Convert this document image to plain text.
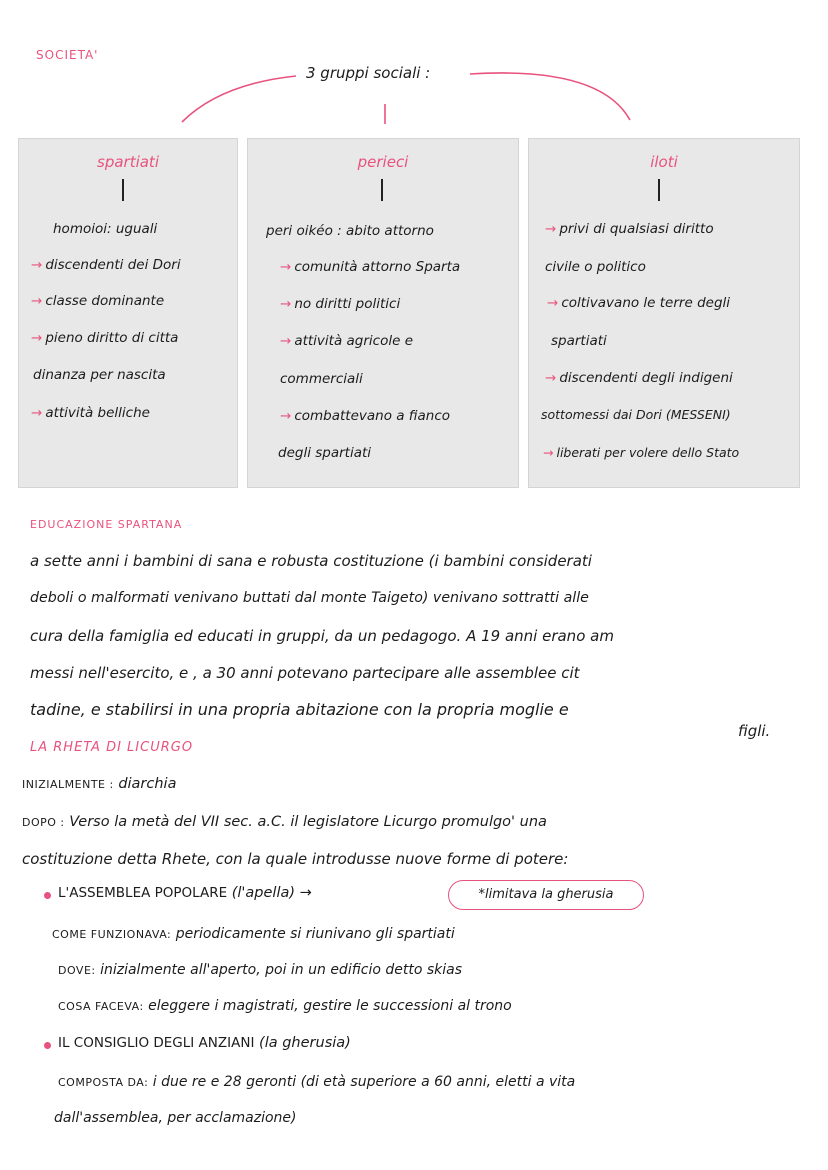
SOCIETA'
3 gruppi sociali :
spartiati
homoioi: uguali
→ discendenti dei Dori
→ classe dominante
→ pieno diritto di citta
dinanza per nascita
→ attività belliche
perieci
peri oikéo : abito attorno
→ comunità attorno Sparta
→ no diritti politici
→ attività agricole e
commerciali
→ combattevano a fianco
degli spartiati
iloti
→ privi di qualsiasi diritto
civile o politico
→ coltivavano le terre degli
spartiati
→ discendenti degli indigeni
sottomessi dai Dori (MESSENI)
→ liberati per volere dello Stato
EDUCAZIONE SPARTANA
a sette anni i bambini di sana e robusta costituzione (i bambini considerati
deboli o malformati venivano buttati dal monte Taigeto) venivano sottratti alle
cura della famiglia ed educati in gruppi, da un pedagogo. A 19 anni erano am
messi nell'esercito, e , a 30 anni potevano partecipare alle assemblee cit
tadine, e stabilirsi in una propria abitazione con la propria moglie e
figli.
LA RHETA DI LICURGO
INIZIALMENTE : diarchia
DOPO : Verso la metà del VII sec. a.C. il legislatore Licurgo promulgo' una
costituzione detta Rhete, con la quale introdusse nuove forme di potere:
L'ASSEMBLEA POPOLARE (l'apella) →	*limitava la gherusia
COME FUNZIONAVA: periodicamente si riunivano gli spartiati
DOVE: inizialmente all'aperto, poi in un edificio detto skias
COSA FACEVA: eleggere i magistrati, gestire le successioni al trono
IL CONSIGLIO DEGLI ANZIANI (la gherusia)
COMPOSTA DA: i due re e 28 geronti (di età superiore a 60 anni, eletti a vita
dall'assemblea, per acclamazione)
